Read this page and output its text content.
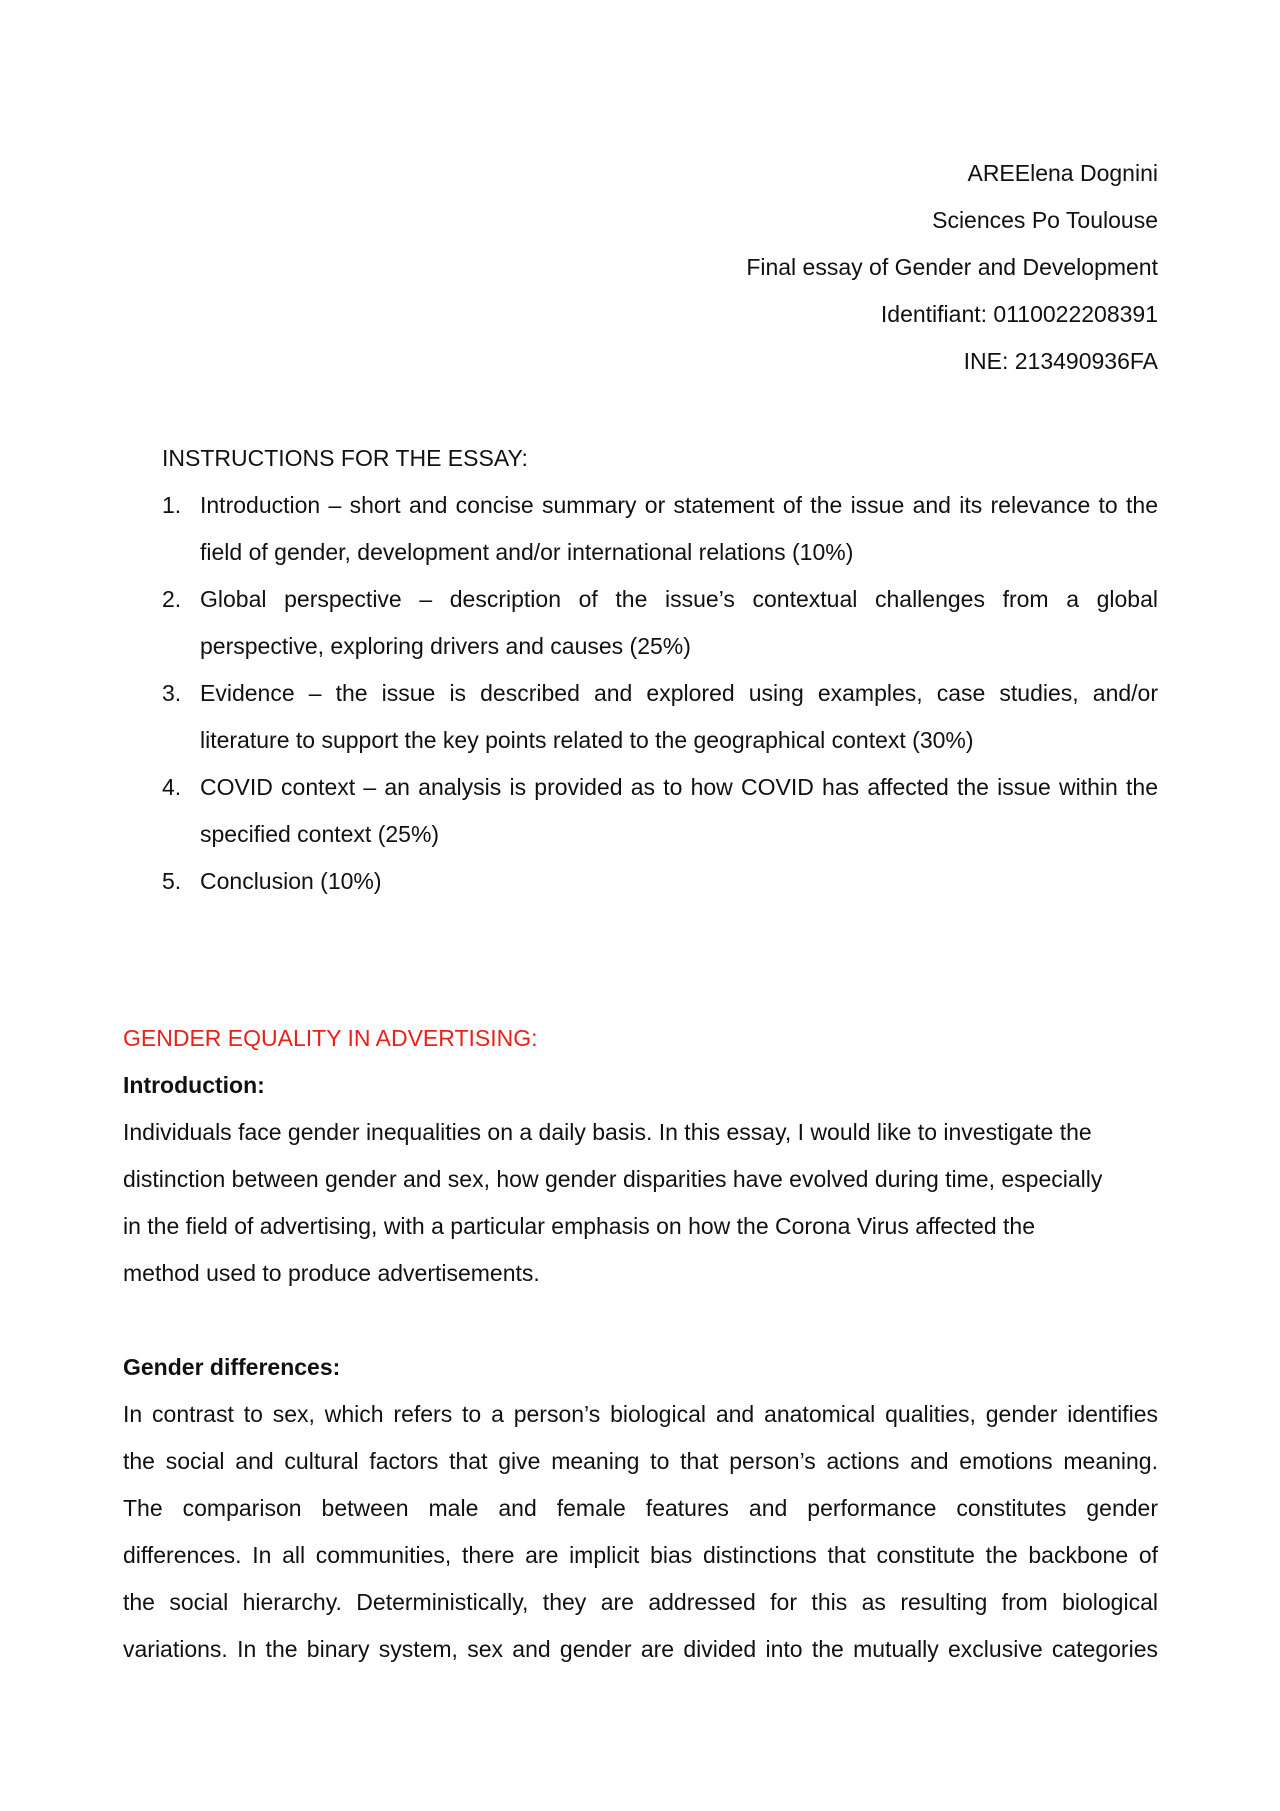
AREElena Dognini
Sciences Po Toulouse
Final essay of Gender and Development
Identifiant: 0110022208391
INE: 213490936FA
INSTRUCTIONS FOR THE ESSAY:
1. Introduction – short and concise summary or statement of the issue and its relevance to the field of gender, development and/or international relations (10%)
2. Global perspective – description of the issue’s contextual challenges from a global perspective, exploring drivers and causes (25%)
3. Evidence – the issue is described and explored using examples, case studies, and/or literature to support the key points related to the geographical context (30%)
4. COVID context – an analysis is provided as to how COVID has affected the issue within the specified context (25%)
5. Conclusion (10%)
GENDER EQUALITY IN ADVERTISING:
Introduction:
Individuals face gender inequalities on a daily basis. In this essay, I would like to investigate the
distinction between gender and sex, how gender disparities have evolved during time, especially
in the field of advertising, with a particular emphasis on how the Corona Virus affected the
method used to produce advertisements.
Gender differences:
In contrast to sex, which refers to a person’s biological and anatomical qualities, gender identifies
the social and cultural factors that give meaning to that person’s actions and emotions meaning.
The comparison between male and female features and performance constitutes gender
differences. In all communities, there are implicit bias distinctions that constitute the backbone of
the social hierarchy. Deterministically, they are addressed for this as resulting from biological
variations. In the binary system, sex and gender are divided into the mutually exclusive categories
